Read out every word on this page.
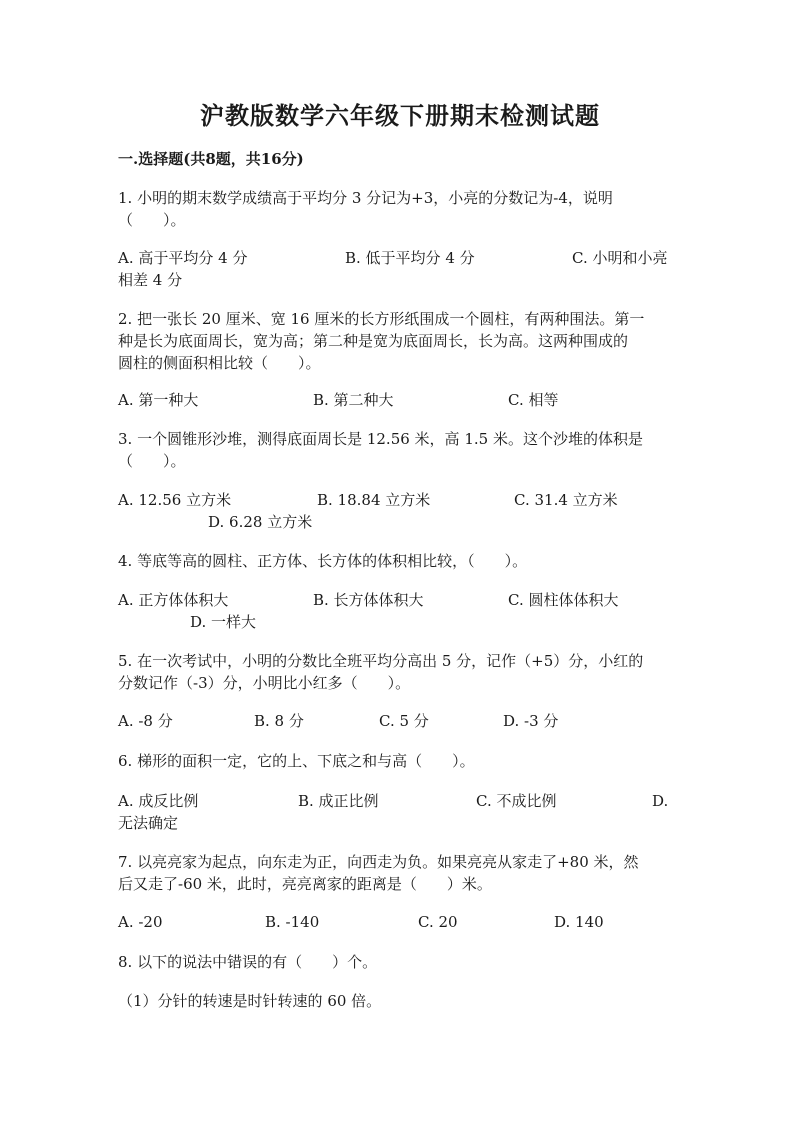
沪教版数学六年级下册期末检测试题
一.选择题(共8题，共16分)
1. 小明的期末数学成绩高于平均分 3 分记为+3，小亮的分数记为-4，说明
（　　）。
A. 高于平均分 4 分	B. 低于平均分 4 分	C. 小明和小亮
相差 4 分
2. 把一张长 20 厘米、宽 16 厘米的长方形纸围成一个圆柱，有两种围法。第一
种是长为底面周长，宽为高；第二种是宽为底面周长，长为高。这两种围成的
圆柱的侧面积相比较（　　）。
A. 第一种大	B. 第二种大	C. 相等
3. 一个圆锥形沙堆，测得底面周长是 12.56 米，高 1.5 米。这个沙堆的体积是
（　　）。
A. 12.56 立方米	B. 18.84 立方米	C. 31.4 立方米
D. 6.28 立方米
4. 等底等高的圆柱、正方体、长方体的体积相比较，（　　）。
A. 正方体体积大	B. 长方体体积大	C. 圆柱体体积大
D. 一样大
5. 在一次考试中，小明的分数比全班平均分高出 5 分，记作（+5）分，小红的
分数记作（-3）分，小明比小红多（　　）。
A. -8 分	B. 8 分	C. 5 分	D. -3 分
6. 梯形的面积一定，它的上、下底之和与高（　　）。
A. 成反比例	B. 成正比例	C. 不成比例	D.
无法确定
7. 以亮亮家为起点，向东走为正，向西走为负。如果亮亮从家走了+80 米，然
后又走了-60 米，此时，亮亮离家的距离是（　　）米。
A. -20	B. -140	C. 20	D. 140
8. 以下的说法中错误的有（　　）个。
（1）分针的转速是时针转速的 60 倍。
